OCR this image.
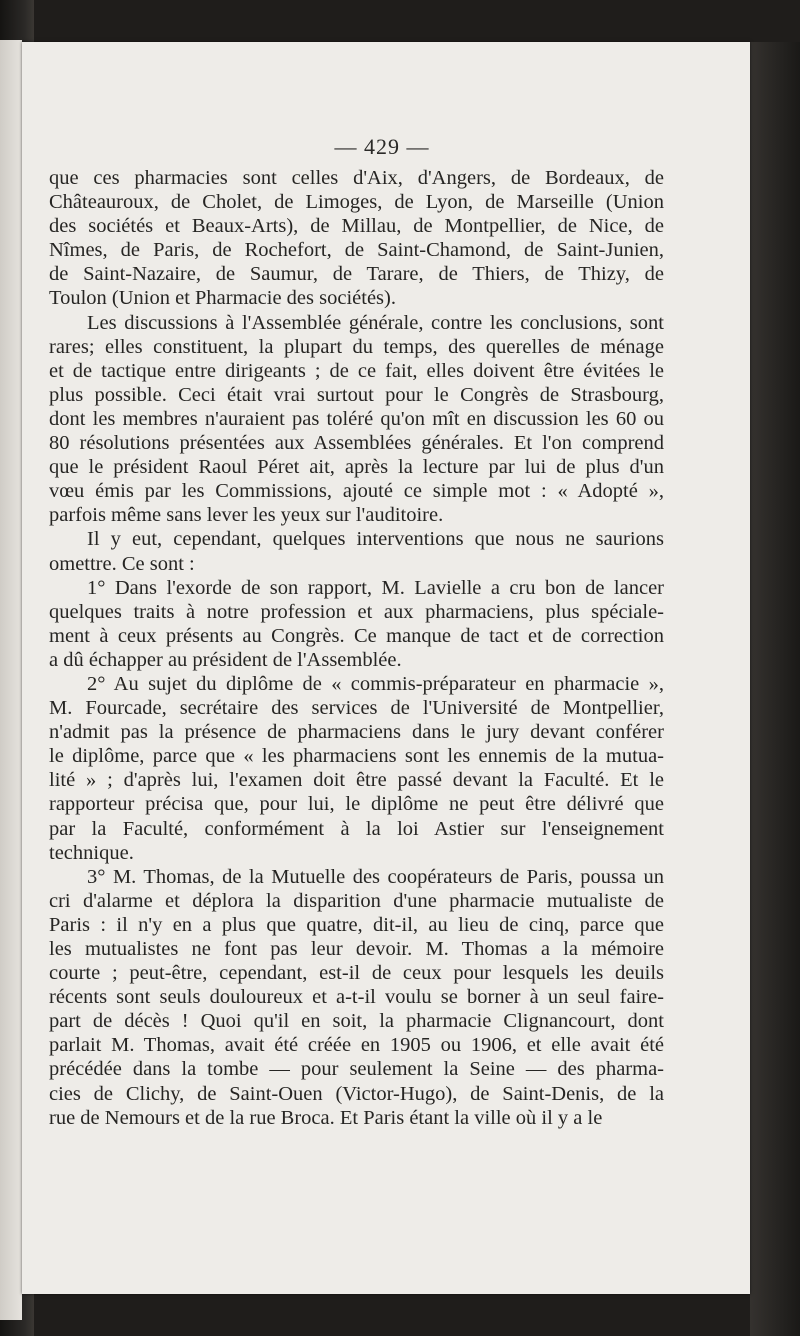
— 429 —
que ces pharmacies sont celles d'Aix, d'Angers, de Bordeaux, de
Châteauroux, de Cholet, de Limoges, de Lyon, de Marseille (Union
des sociétés et Beaux-Arts), de Millau, de Montpellier, de Nice, de
Nîmes, de Paris, de Rochefort, de Saint-Chamond, de Saint-Junien,
de Saint-Nazaire, de Saumur, de Tarare, de Thiers, de Thizy, de
Toulon (Union et Pharmacie des sociétés).
Les discussions à l'Assemblée générale, contre les conclusions, sont
rares; elles constituent, la plupart du temps, des querelles de ménage
et de tactique entre dirigeants ; de ce fait, elles doivent être évitées le
plus possible. Ceci était vrai surtout pour le Congrès de Strasbourg,
dont les membres n'auraient pas toléré qu'on mît en discussion les 60 ou
80 résolutions présentées aux Assemblées générales. Et l'on comprend
que le président Raoul Péret ait, après la lecture par lui de plus d'un
vœu émis par les Commissions, ajouté ce simple mot : « Adopté »,
parfois même sans lever les yeux sur l'auditoire.
Il y eut, cependant, quelques interventions que nous ne saurions
omettre. Ce sont :
1° Dans l'exorde de son rapport, M. Lavielle a cru bon de lancer
quelques traits à notre profession et aux pharmaciens, plus spéciale-
ment à ceux présents au Congrès. Ce manque de tact et de correction
a dû échapper au président de l'Assemblée.
2° Au sujet du diplôme de « commis-préparateur en pharmacie »,
M. Fourcade, secrétaire des services de l'Université de Montpellier,
n'admit pas la présence de pharmaciens dans le jury devant conférer
le diplôme, parce que « les pharmaciens sont les ennemis de la mutua-
lité » ; d'après lui, l'examen doit être passé devant la Faculté. Et le
rapporteur précisa que, pour lui, le diplôme ne peut être délivré que
par la Faculté, conformément à la loi Astier sur l'enseignement
technique.
3° M. Thomas, de la Mutuelle des coopérateurs de Paris, poussa un
cri d'alarme et déplora la disparition d'une pharmacie mutualiste de
Paris : il n'y en a plus que quatre, dit-il, au lieu de cinq, parce que
les mutualistes ne font pas leur devoir. M. Thomas a la mémoire
courte ; peut-être, cependant, est-il de ceux pour lesquels les deuils
récents sont seuls douloureux et a-t-il voulu se borner à un seul faire-
part de décès ! Quoi qu'il en soit, la pharmacie Clignancourt, dont
parlait M. Thomas, avait été créée en 1905 ou 1906, et elle avait été
précédée dans la tombe — pour seulement la Seine — des pharma-
cies de Clichy, de Saint-Ouen (Victor-Hugo), de Saint-Denis, de la
rue de Nemours et de la rue Broca. Et Paris étant la ville où il y a le
